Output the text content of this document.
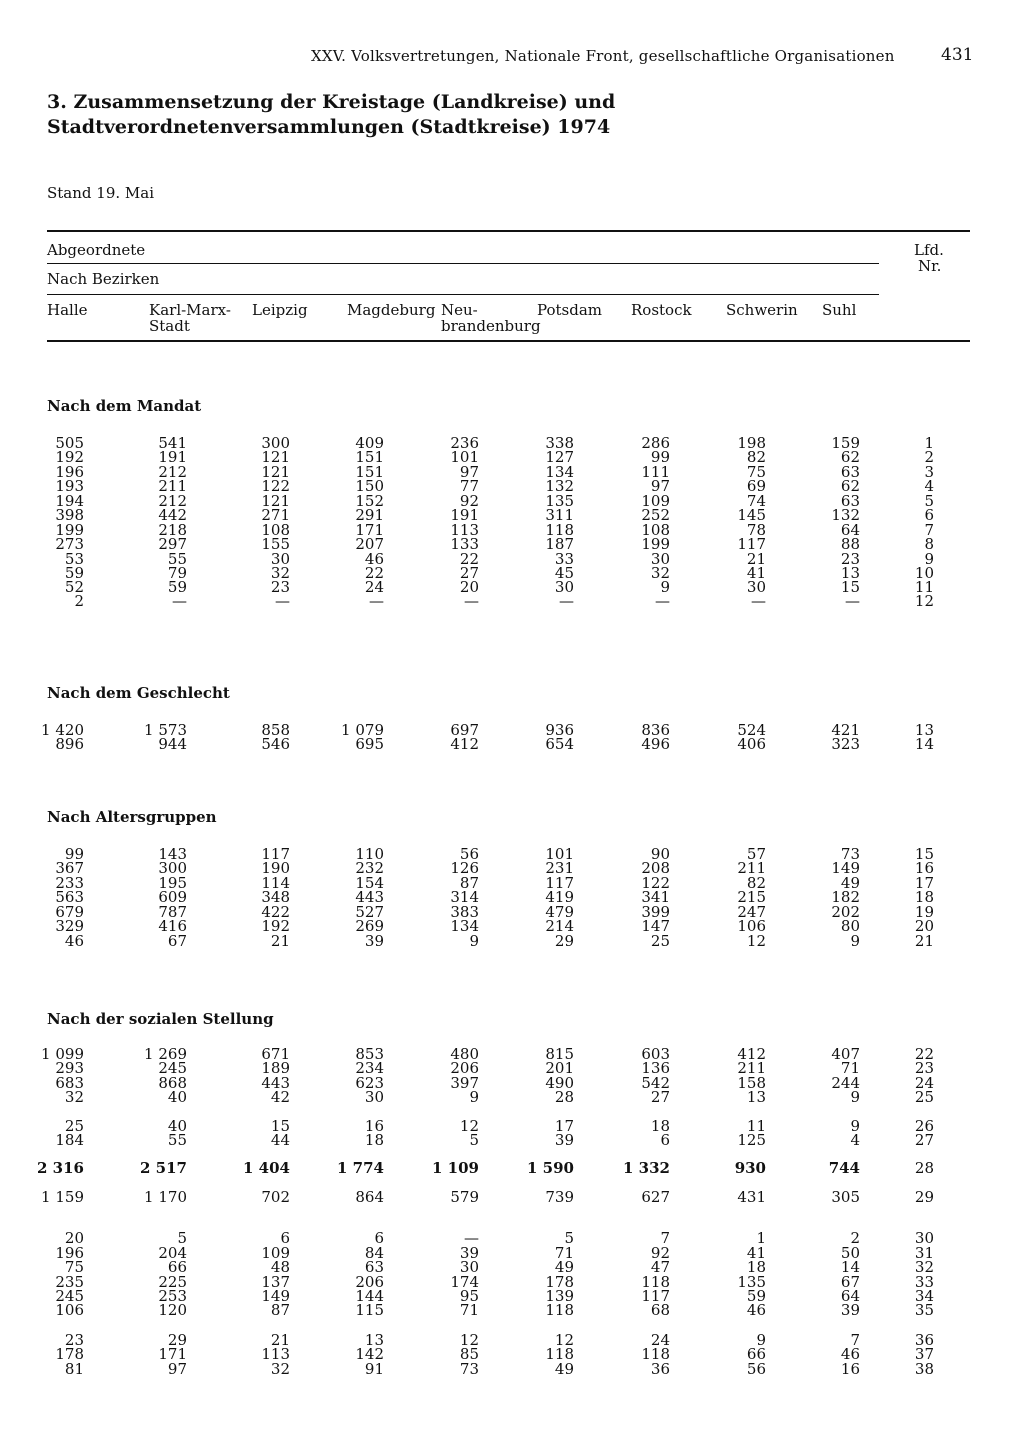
XXV. Volksvertretungen, Nationale Front, gesellschaftliche Organisationen	431
3. Zusammensetzung der Kreistage (Landkreise) und
Stadtverordnetenversammlungen (Stadtkreise) 1974
Stand 19. Mai
Abgeordnete	Lfd.
Nr.
Nach Bezirken
Halle	Karl-Marx-
Stadt
Leipzig	Magdeburg Neu-
brandenburg
Potsdam Rostock Schwerin Suhl
Nach dem Mandat
505	541	300	409	236	338	286	198	159	1
192	191	121	151	101	127	99	82	62	2
196	212	121	151	97	134	111	75	63	3
193	211	122	150	77	132	97	69	62	4
194	212	121	152	92	135	109	74	63	5
398	442	271	291	191	311	252	145	132	6
199	218	108	171	113	118	108	78	64	7
273	297	155	207	133	187	199	117	88	8
53	55	30	46	22	33	30	21	23	9
59	79	32	22	27	45	32	41	13	10
52	59	23	24	20	30	9	30	15	11
2	—	—	—	—	—	—	—	—	12
Nach dem Geschlecht
1 420	1 573	858	1 079	697	936	836	524	421	13
896	944	546	695	412	654	496	406	323	14
Nach Altersgruppen
99	143	117	110	56	101	90	57	73	15
367	300	190	232	126	231	208	211	149	16
233	195	114	154	87	117	122	82	49	17
563	609	348	443	314	419	341	215	182	18
679	787	422	527	383	479	399	247	202	19
329	416	192	269	134	214	147	106	80	20
46	67	21	39	9	29	25	12	9	21
Nach der sozialen Stellung
1 099	1 269	671	853	480	815	603	412	407	22
293	245	189	234	206	201	136	211	71	23
683	868	443	623	397	490	542	158	244	24
32	40	42	30	9	28	27	13	9	25
25	40	15	16	12	17	18	11	9	26
184	55	44	18	5	39	6	125	4	27
2 316	2 517	1 404	1 774	1 109	1 590	1 332	930	744	28
1 159	1 170	702	864	579	739	627	431	305	29
20	5	6	6	—	5	7	1	2	30
196	204	109	84	39	71	92	41	50	31
75	66	48	63	30	49	47	18	14	32
235	225	137	206	174	178	118	135	67	33
245	253	149	144	95	139	117	59	64	34
106	120	87	115	71	118	68	46	39	35
23	29	21	13	12	12	24	9	7	36
178	171	113	142	85	118	118	66	46	37
81	97	32	91	73	49	36	56	16	38
